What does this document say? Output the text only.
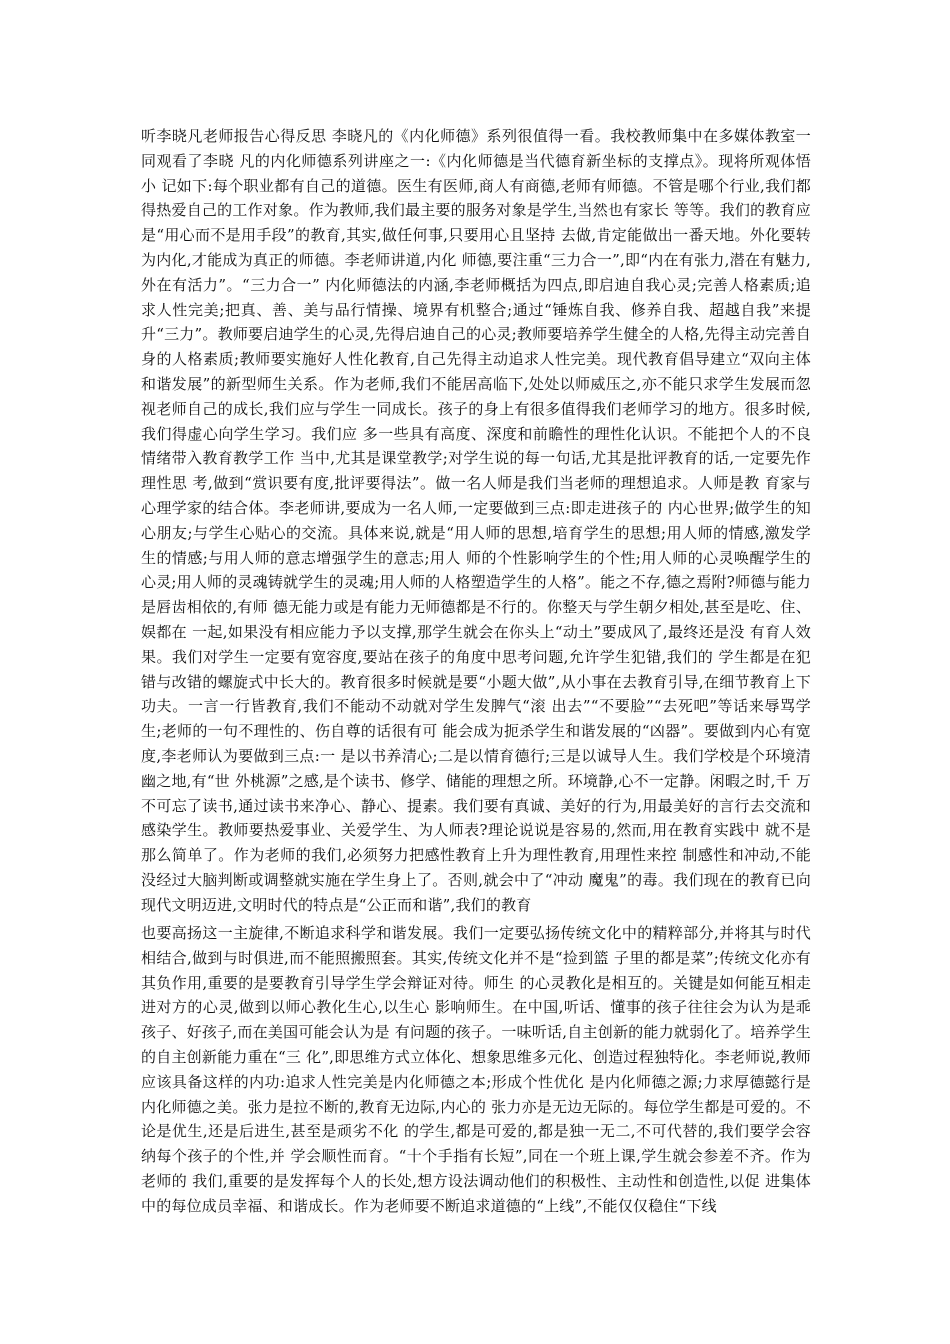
听李晓凡老师报告心得反思 李晓凡的《内化师德》系列很值得一看。我校教师集中在多媒体教室一同观看了李晓 凡的内化师德系列讲座之一:《内化师德是当代德育新坐标的支撑点》。现将所观体悟小 记如下:每个职业都有自己的道德。医生有医师,商人有商德,老师有师德。不管是哪个行业,我们都得热爱自己的工作对象。作为教师,我们最主要的服务对象是学生,当然也有家长 等等。我们的教育应是“用心而不是用手段”的教育,其实,做任何事,只要用心且坚持 去做,肯定能做出一番天地。外化要转为内化,才能成为真正的师德。李老师讲道,内化 师德,要注重“三力合一”,即“内在有张力,潜在有魅力,外在有活力”。“三力合一” 内化师德法的内涵,李老师概括为四点,即启迪自我心灵;完善人格素质;追求人性完美;把真、善、美与品行情操、境界有机整合;通过“锤炼自我、修养自我、超越自我”来提 升“三力”。教师要启迪学生的心灵,先得启迪自己的心灵;教师要培养学生健全的人格,先得主动完善自身的人格素质;教师要实施好人性化教育,自己先得主动追求人性完美。现代教育倡导建立“双向主体和谐发展”的新型师生关系。作为老师,我们不能居高临下,处处以师威压之,亦不能只求学生发展而忽视老师自己的成长,我们应与学生一同成长。孩子的身上有很多值得我们老师学习的地方。很多时候,我们得虚心向学生学习。我们应 多一些具有高度、深度和前瞻性的理性化认识。不能把个人的不良情绪带入教育教学工作 当中,尤其是课堂教学;对学生说的每一句话,尤其是批评教育的话,一定要先作理性思 考,做到“赏识要有度,批评要得法”。做一名人师是我们当老师的理想追求。人师是教 育家与心理学家的结合体。李老师讲,要成为一名人师,一定要做到三点:即走进孩子的 内心世界;做学生的知心朋友;与学生心贴心的交流。具体来说,就是“用人师的思想,培育学生的思想;用人师的情感,激发学生的情感;与用人师的意志增强学生的意志;用人 师的个性影响学生的个性;用人师的心灵唤醒学生的心灵;用人师的灵魂铸就学生的灵魂;用人师的人格塑造学生的人格”。能之不存,德之焉附?师德与能力是唇齿相依的,有师 德无能力或是有能力无师德都是不行的。你整天与学生朝夕相处,甚至是吃、住、娱都在 一起,如果没有相应能力予以支撑,那学生就会在你头上“动土”要成风了,最终还是没 有育人效果。我们对学生一定要有宽容度,要站在孩子的角度中思考问题,允许学生犯错,我们的 学生都是在犯错与改错的螺旋式中长大的。教育很多时候就是要“小题大做”,从小事在去教育引导,在细节教育上下功夫。一言一行皆教育,我们不能动不动就对学生发脾气“滚 出去”“不要脸”“去死吧”等话来辱骂学生;老师的一句不理性的、伤自尊的话很有可 能会成为扼杀学生和谐发展的“凶器”。要做到内心有宽度,李老师认为要做到三点:一 是以书养清心;二是以情育德行;三是以诚导人生。我们学校是个环境清幽之地,有“世 外桃源”之感,是个读书、修学、储能的理想之所。环境静,心不一定静。闲暇之时,千 万不可忘了读书,通过读书来净心、静心、提素。我们要有真诚、美好的行为,用最美好的言行去交流和感染学生。教师要热爱事业、关爱学生、为人师表?理论说说是容易的,然而,用在教育实践中 就不是那么简单了。作为老师的我们,必须努力把感性教育上升为理性教育,用理性来控 制感性和冲动,不能没经过大脑判断或调整就实施在学生身上了。否则,就会中了“冲动 魔鬼”的毒。我们现在的教育已向现代文明迈进,文明时代的特点是“公正而和谐”,我们的教育
也要高扬这一主旋律,不断追求科学和谐发展。我们一定要弘扬传统文化中的精粹部分,并将其与时代相结合,做到与时俱进,而不能照搬照套。其实,传统文化并不是“捡到篮 子里的都是菜”;传统文化亦有其负作用,重要的是要教育引导学生学会辩证对待。师生 的心灵教化是相互的。关键是如何能互相走进对方的心灵,做到以师心教化生心,以生心 影响师生。在中国,听话、懂事的孩子往往会为认为是乖孩子、好孩子,而在美国可能会认为是 有问题的孩子。一味听话,自主创新的能力就弱化了。培养学生的自主创新能力重在“三 化”,即思维方式立体化、想象思维多元化、创造过程独特化。李老师说,教师应该具备这样的内功:追求人性完美是内化师德之本;形成个性优化 是内化师德之源;力求厚德懿行是内化师德之美。张力是拉不断的,教育无边际,内心的 张力亦是无边无际的。每位学生都是可爱的。不论是优生,还是后进生,甚至是顽劣不化 的学生,都是可爱的,都是独一无二,不可代替的,我们要学会容纳每个孩子的个性,并 学会顺性而育。“十个手指有长短”,同在一个班上课,学生就会参差不齐。作为老师的 我们,重要的是发挥每个人的长处,想方设法调动他们的积极性、主动性和创造性,以促 进集体中的每位成员幸福、和谐成长。作为老师要不断追求道德的“上线”,不能仅仅稳住“下线
